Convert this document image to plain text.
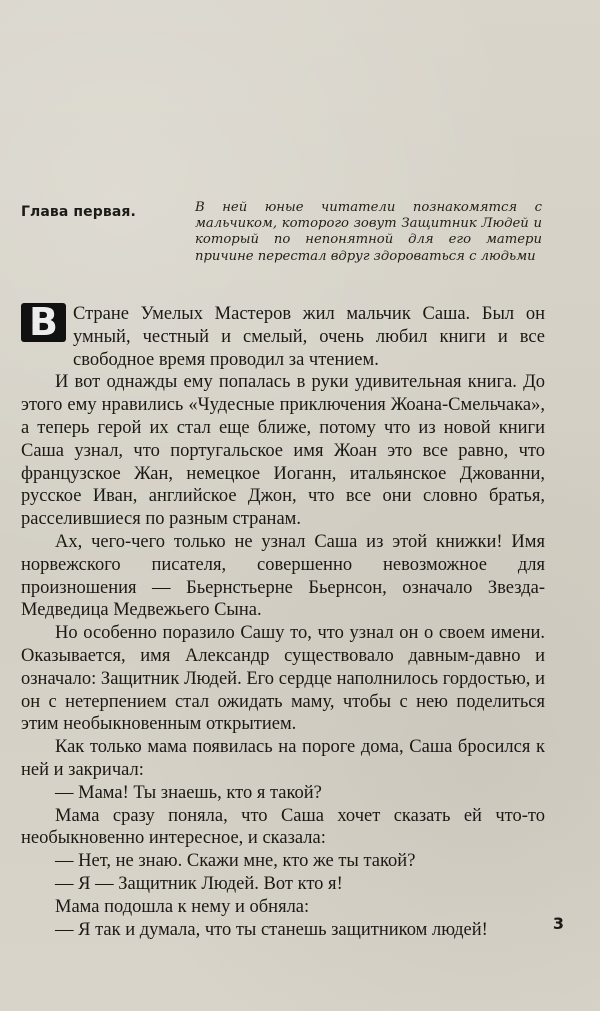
Глава первая.	В ней юные читатели познакомятся с мальчиком, которого зовут Защитник Людей и который по непонятной для его матери причине перестал вдруг здороваться с людьми

В Стране Умелых Мастеров жил мальчик Саша. Был он умный, честный и смелый, очень любил книги и все свободное время проводил за чтением.

И вот однажды ему попалась в руки удивительная книга. До этого ему нравились «Чудесные приключения Жоана-Смельчака», а теперь герой их стал еще ближе, потому что из новой книги Саша узнал, что португальское имя Жоан это все равно, что французское Жан, немецкое Иоганн, итальянское Джованни, русское Иван, английское Джон, что все они словно братья, расселившиеся по разным странам.

Ах, чего-чего только не узнал Саша из этой книжки! Имя норвежского писателя, совершенно невозможное для произношения — Бьернстьерне Бьернсон, означало Звезда-Медведица Медвежьего Сына.

Но особенно поразило Сашу то, что узнал он о своем имени. Оказывается, имя Александр существовало давным-давно и означало: Защитник Людей. Его сердце наполнилось гордостью, и он с нетерпением стал ожидать маму, чтобы с нею поделиться этим необыкновенным открытием.

Как только мама появилась на пороге дома, Саша бросился к ней и закричал:

— Мама! Ты знаешь, кто я такой?

Мама сразу поняла, что Саша хочет сказать ей что-то необыкновенно интересное, и сказала:

— Нет, не знаю. Скажи мне, кто же ты такой?

— Я — Защитник Людей. Вот кто я!

Мама подошла к нему и обняла:

— Я так и думала, что ты станешь защитником людей!	3
